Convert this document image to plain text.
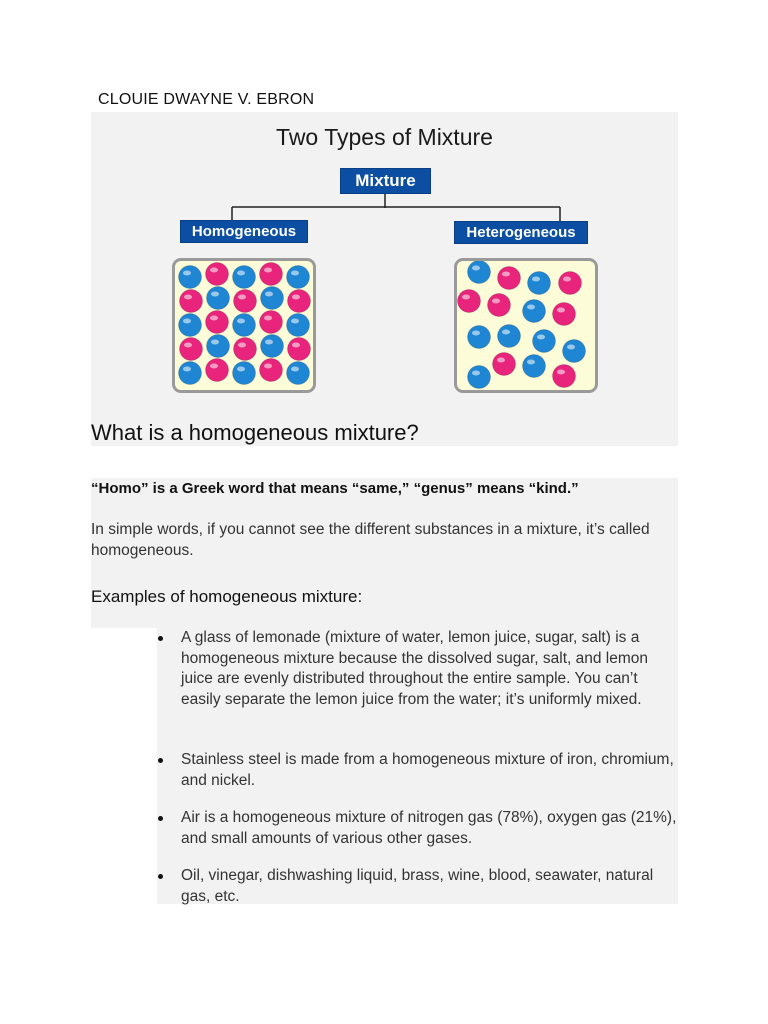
CLOUIE DWAYNE V. EBRON
Two Types of Mixture
Mixture
Homogeneous	Heterogeneous
What is a homogeneous mixture?
“Homo” is a Greek word that means “same,” “genus” means “kind.”
In simple words, if you cannot see the different substances in a mixture, it’s called homogeneous.
Examples of homogeneous mixture:
A glass of lemonade (mixture of water, lemon juice, sugar, salt) is a homogeneous mixture because the dissolved sugar, salt, and lemon juice are evenly distributed throughout the entire sample. You can’t easily separate the lemon juice from the water; it’s uniformly mixed.
Stainless steel is made from a homogeneous mixture of iron, chromium, and nickel.
Air is a homogeneous mixture of nitrogen gas (78%), oxygen gas (21%), and small amounts of various other gases.
Oil, vinegar, dishwashing liquid, brass, wine, blood, seawater, natural gas, etc.
